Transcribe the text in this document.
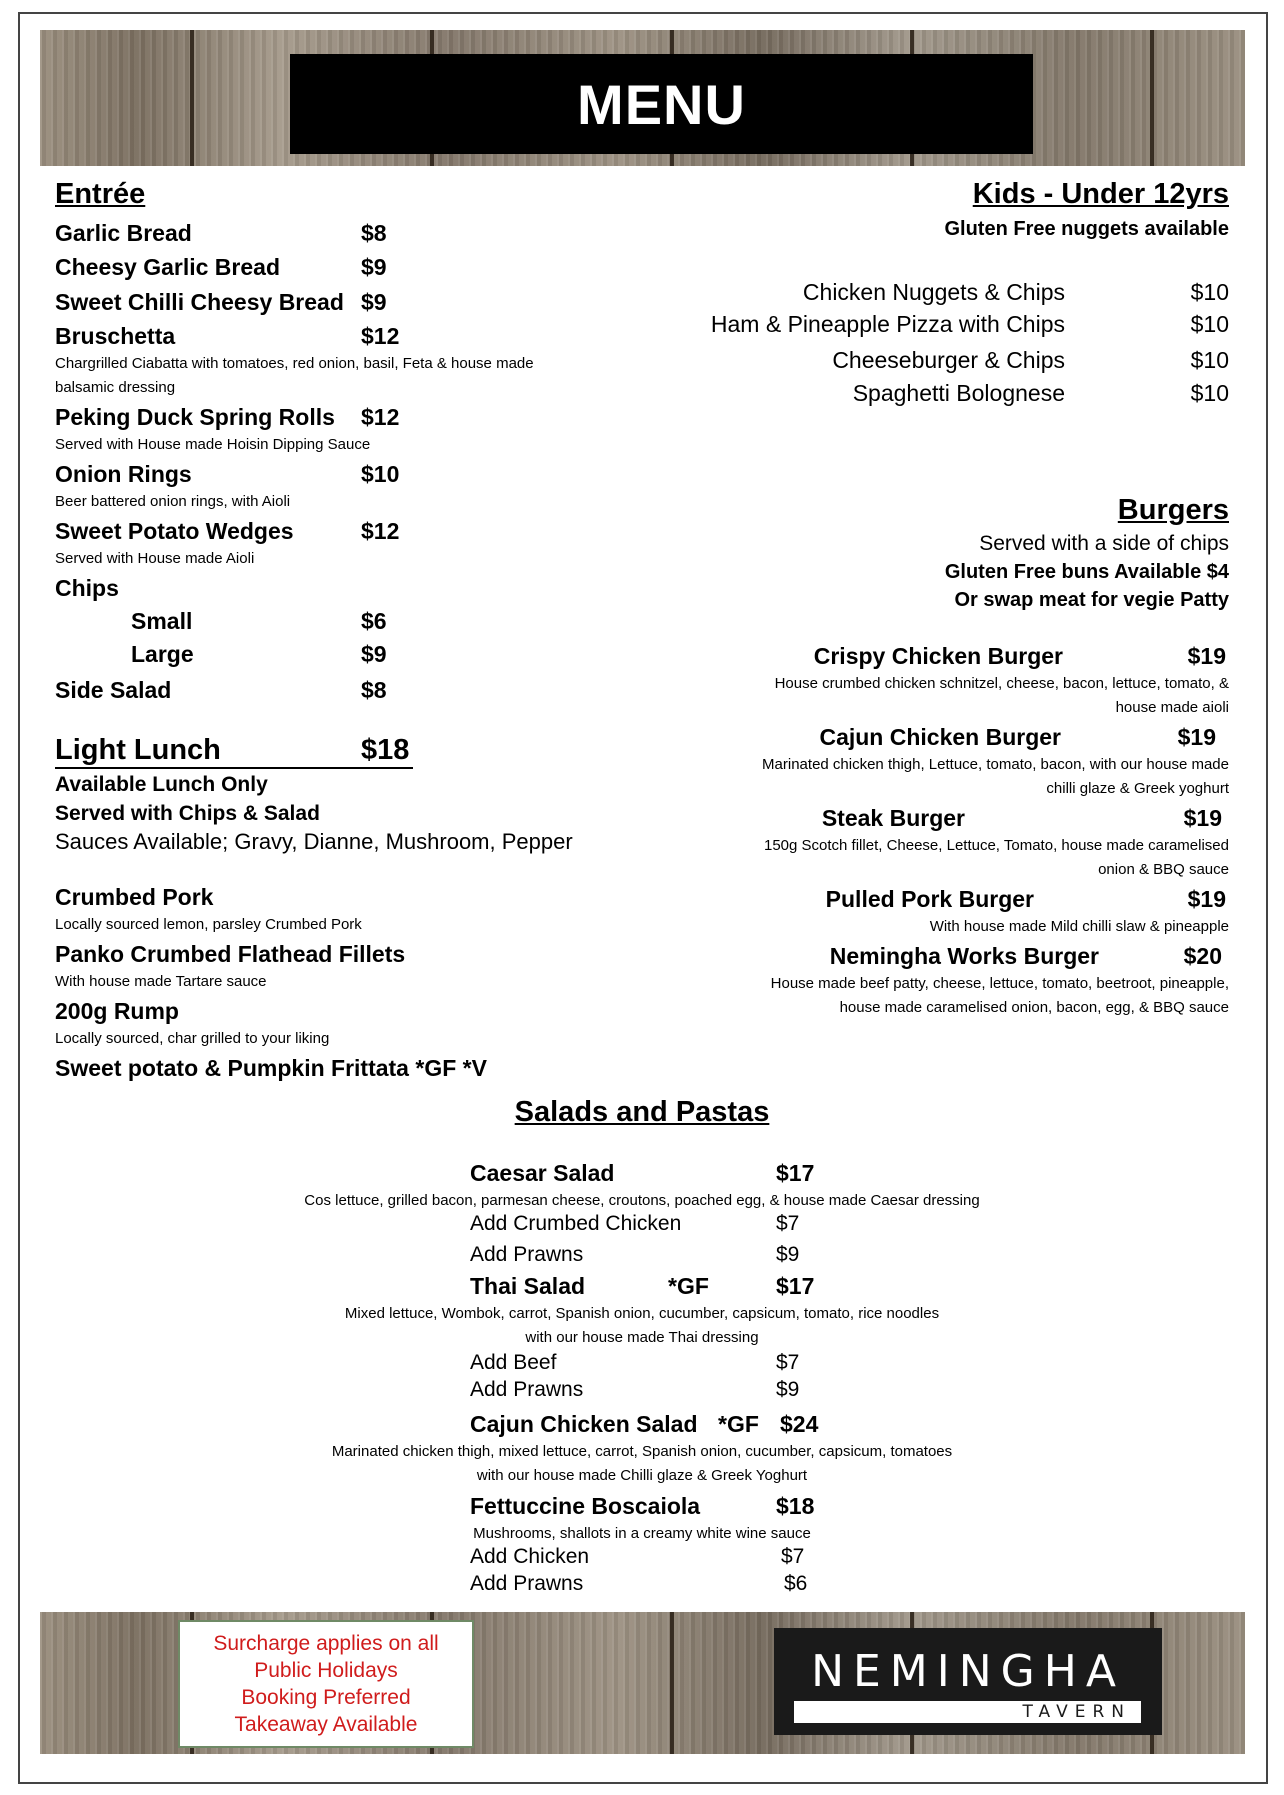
MENU
Entrée
Garlic Bread	$8
Cheesy Garlic Bread	$9
Sweet Chilli Cheesy Bread $9
Bruschetta	$12
Chargrilled Ciabatta with tomatoes, red onion, basil, Feta & house made
balsamic dressing
Peking Duck Spring Rolls $12
Served with House made Hoisin Dipping Sauce
Onion Rings	$10
Beer battered onion rings, with Aioli
Sweet Potato Wedges	$12
Served with House made Aioli
Chips
Small	$6
Large	$9
Side Salad	$8
Light Lunch	$18
Available Lunch Only
Served with Chips & Salad
Sauces Available; Gravy, Dianne, Mushroom, Pepper
Crumbed Pork
Locally sourced lemon, parsley Crumbed Pork
Panko Crumbed Flathead Fillets
With house made Tartare sauce
200g Rump
Locally sourced, char grilled to your liking
Sweet potato & Pumpkin Frittata *GF *V
Kids - Under 12yrs
Gluten Free nuggets available
Chicken Nuggets & Chips	$10
Ham & Pineapple Pizza with Chips	$10
Cheeseburger & Chips	$10
Spaghetti Bolognese	$10
Burgers
Served with a side of chips
Gluten Free buns Available $4
Or swap meat for vegie Patty
Crispy Chicken Burger	$19
House crumbed chicken schnitzel, cheese, bacon, lettuce, tomato, &
house made aioli
Cajun Chicken Burger	$19
Marinated chicken thigh, Lettuce, tomato, bacon, with our house made
chilli glaze & Greek yoghurt
Steak Burger	$19
150g Scotch fillet, Cheese, Lettuce, Tomato, house made caramelised
onion & BBQ sauce
Pulled Pork Burger	$19
With house made Mild chilli slaw & pineapple
Nemingha Works Burger	$20
House made beef patty, cheese, lettuce, tomato, beetroot, pineapple,
house made caramelised onion, bacon, egg, & BBQ sauce
Salads and Pastas
Caesar Salad	$17
Cos lettuce, grilled bacon, parmesan cheese, croutons, poached egg, & house made Caesar dressing
Add Crumbed Chicken	$7
Add Prawns	$9
Thai Salad	*GF	$17
Mixed lettuce, Wombok, carrot, Spanish onion, cucumber, capsicum, tomato, rice noodles
with our house made Thai dressing
Add Beef	$7
Add Prawns	$9
Cajun Chicken Salad *GF $24
Marinated chicken thigh, mixed lettuce, carrot, Spanish onion, cucumber, capsicum, tomatoes
with our house made Chilli glaze & Greek Yoghurt
Fettuccine Boscaiola	$18
Mushrooms, shallots in a creamy white wine sauce
Add Chicken	$7
Add Prawns	$6
Surcharge applies on all
Public Holidays
Booking Preferred
Takeaway Available
NEMINGHA
TAVERN
